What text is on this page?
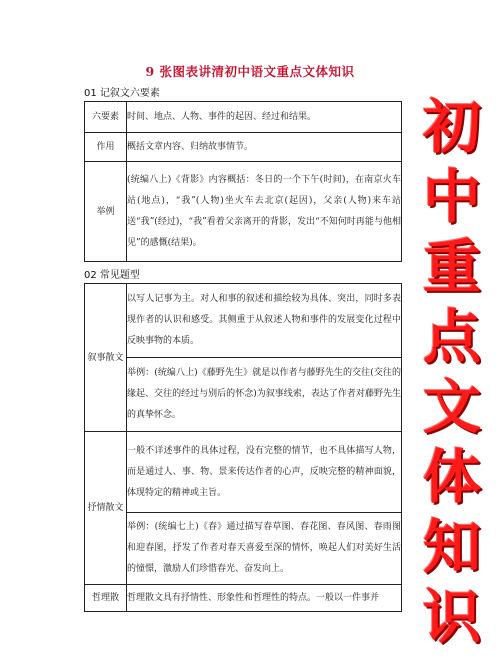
9 张图表讲清初中语文重点文体知识
01 记叙文六要素
六要素	时间、地点、人物、事件的起因、经过和结果。
作用	概括文章内容、归纳故事情节。
举例	(统编八上)《背影》内容概括：冬日的一个下午(时间)，在南京火车站(地点)，“我”(人物)坐火车去北京(起因)，父亲(人物)来车站送“我”(经过)，“我”看着父亲离开的背影，发出“不知何时再能与他相见”的感慨(结果)。
02 常见题型
叙事散文	以写人记事为主。对人和事的叙述和描绘较为具体、突出，同时多表现作者的认识和感受。其侧重于从叙述人物和事件的发展变化过程中反映事物的本质。
	举例：(统编八上)《藤野先生》就是以作者与藤野先生的交往(交往的缘起、交往的经过与别后的怀念)为叙事线索，表达了作者对藤野先生的真挚怀念。
抒情散文	一般不详述事件的具体过程，没有完整的情节，也不具体描写人物，而是通过人、事、物、景来传达作者的心声，反映完整的精神面貌，体现特定的精神或主旨。
	举例：(统编七上)《春》通过描写春草图、春花图、春风图、春雨图和迎春图，抒发了作者对春天喜爱至深的情怀，唤起人们对美好生活的憧憬，激励人们珍惜春光、奋发向上。
哲理散	哲理散文具有抒情性、形象性和哲理性的特点。一般以一件事并
初
中
重
点
文
体
知
识
